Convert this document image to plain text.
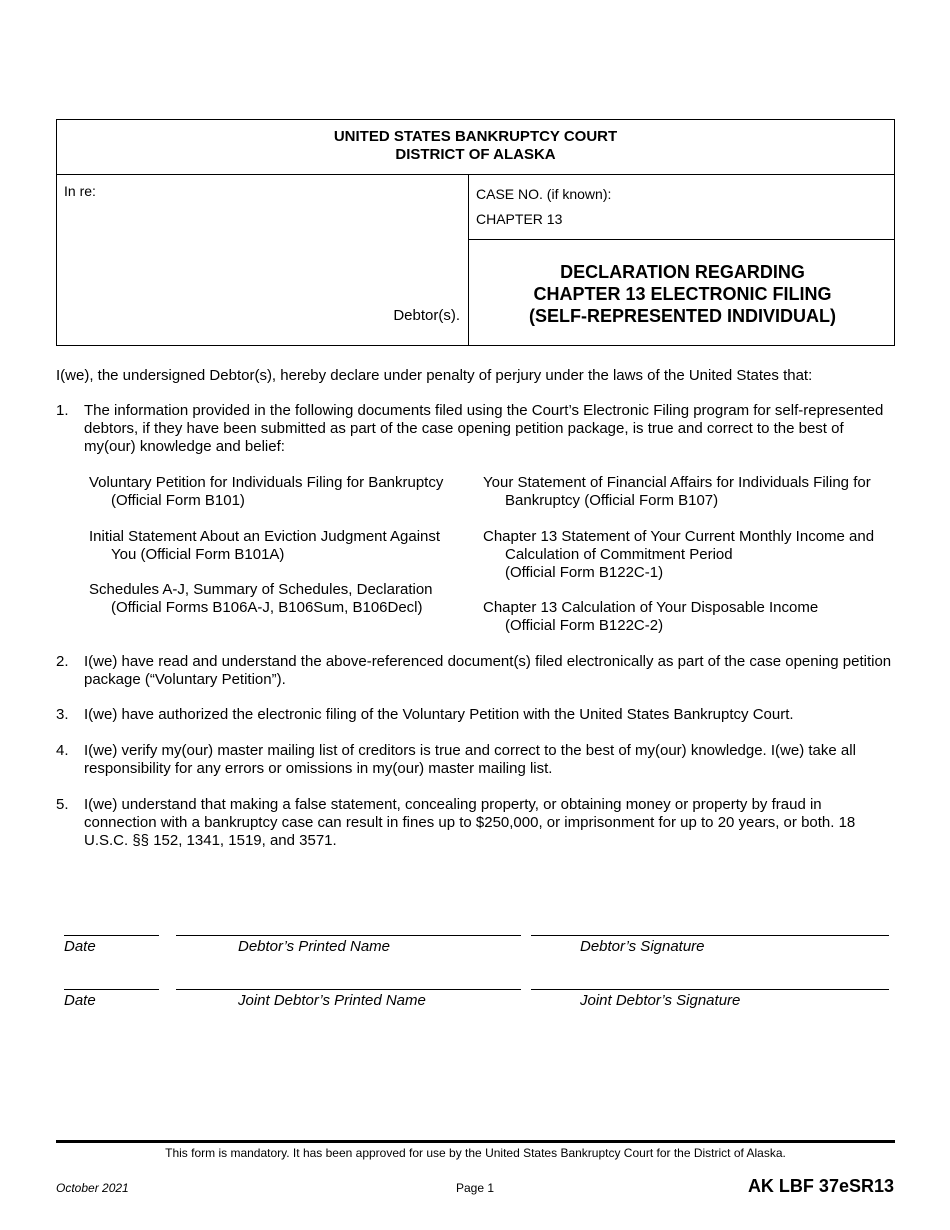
UNITED STATES BANKRUPTCY COURT
DISTRICT OF ALASKA
In re:
Debtor(s).
CASE NO. (if known):
CHAPTER 13
DECLARATION REGARDING
CHAPTER 13 ELECTRONIC FILING
(SELF-REPRESENTED INDIVIDUAL)
I(we), the undersigned Debtor(s), hereby declare under penalty of perjury under the laws of the United States that:
1.	The information provided in the following documents filed using the Court’s Electronic Filing program for self-represented debtors, if they have been submitted as part of the case opening petition package, is true and correct to the best of my(our) knowledge and belief:
Voluntary Petition for Individuals Filing for Bankruptcy
(Official Form B101)
Initial Statement About an Eviction Judgment Against
You (Official Form B101A)
Schedules A-J, Summary of Schedules, Declaration
(Official Forms B106A-J, B106Sum, B106Decl)
Your Statement of Financial Affairs for Individuals Filing for
Bankruptcy (Official Form B107)
Chapter 13 Statement of Your Current Monthly Income and
Calculation of Commitment Period
(Official Form B122C-1)
Chapter 13 Calculation of Your Disposable Income
(Official Form B122C-2)
2.	I(we) have read and understand the above-referenced document(s) filed electronically as part of the case opening petition package (“Voluntary Petition”).
3.	I(we) have authorized the electronic filing of the Voluntary Petition with the United States Bankruptcy Court.
4.	I(we) verify my(our) master mailing list of creditors is true and correct to the best of my(our) knowledge. I(we) take all responsibility for any errors or omissions in my(our) master mailing list.
5.	I(we) understand that making a false statement, concealing property, or obtaining money or property by fraud in connection with a bankruptcy case can result in fines up to $250,000, or imprisonment for up to 20 years, or both. 18 U.S.C. §§ 152, 1341, 1519, and 3571.
Date	Debtor’s Printed Name	Debtor’s Signature
Date	Joint Debtor’s Printed Name	Joint Debtor’s Signature
This form is mandatory. It has been approved for use by the United States Bankruptcy Court for the District of Alaska.
October 2021	Page 1	AK LBF 37eSR13
